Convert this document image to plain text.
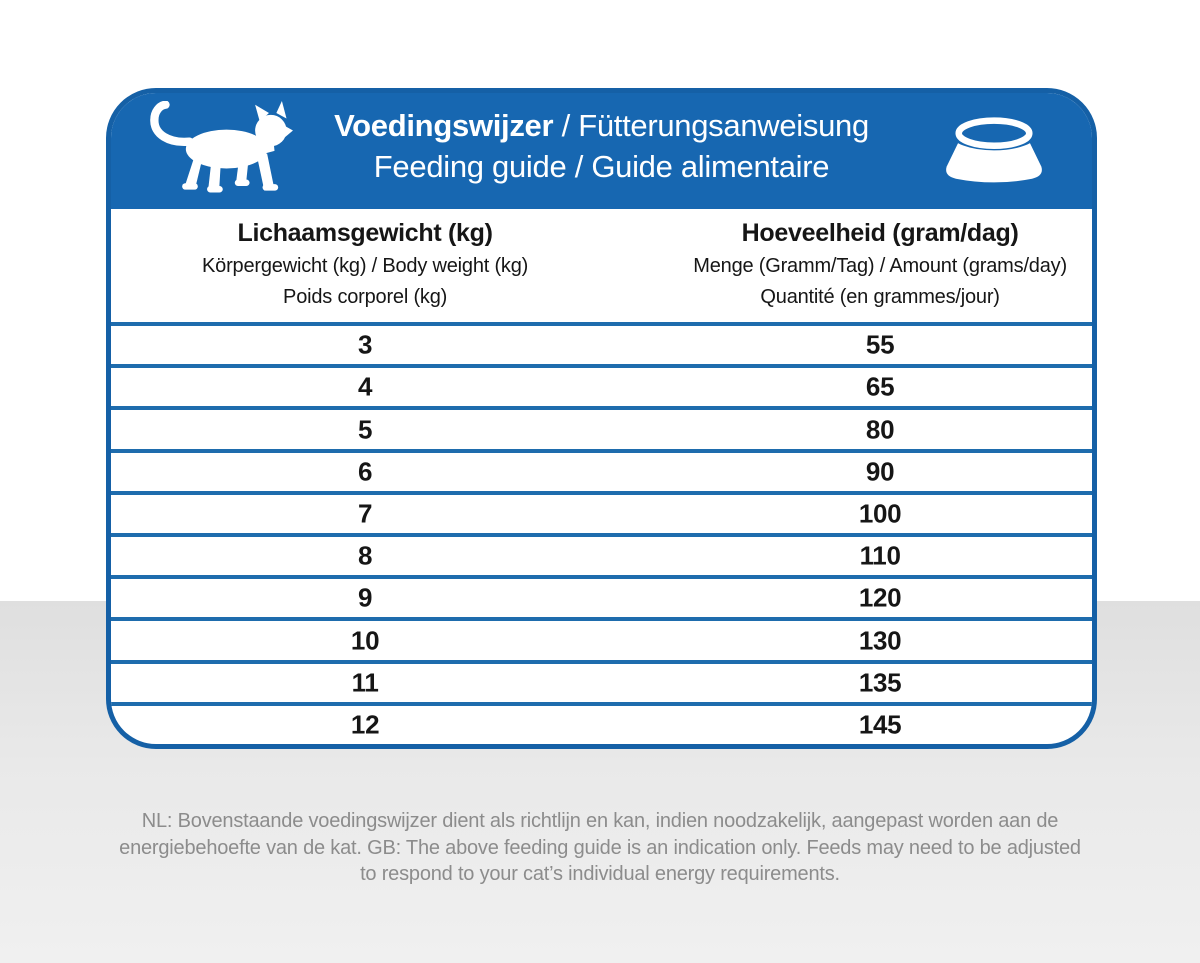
Voedingswijzer / Fütterungsanweisung
Feeding guide / Guide alimentaire
Lichaamsgewicht (kg)
Körpergewicht (kg) / Body weight (kg)
Poids corporel (kg)
Hoeveelheid (gram/dag)
Menge (Gramm/Tag) / Amount (grams/day)
Quantité (en grammes/jour)
3	55
4	65
5	80
6	90
7	100
8	110
9	120
10	130
11	135
12	145
NL: Bovenstaande voedingswijzer dient als richtlijn en kan, indien noodzakelijk, aangepast worden aan de
energiebehoefte van de kat. GB: The above feeding guide is an indication only. Feeds may need to be adjusted
to respond to your cat’s individual energy requirements.
